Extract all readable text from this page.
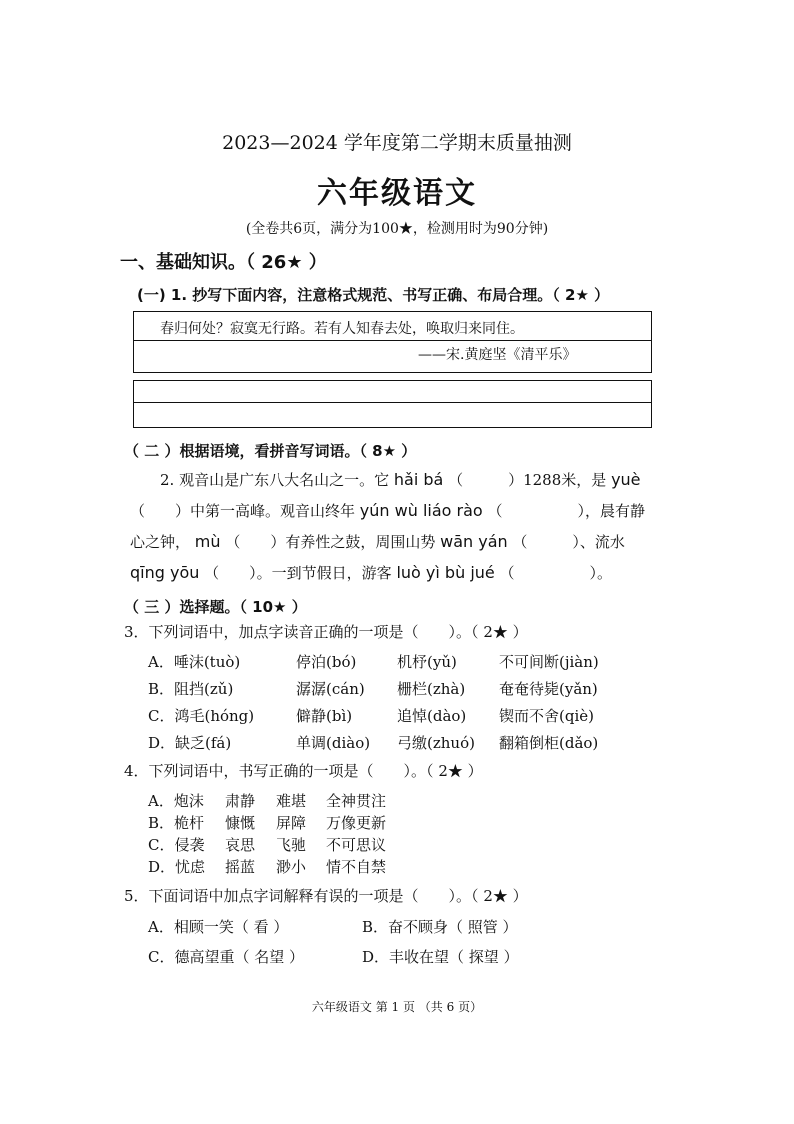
2023—2024 学年度第二学期末质量抽测
六年级语文
(全卷共6页，满分为100★，检测用时为90分钟)
一、基础知识。（ 26★ ）
(一) 1. 抄写下面内容，注意格式规范、书写正确、布局合理。（ 2★ ）
春归何处？寂寞无行路。若有人知春去处，唤取归来同住。
——宋.黄庭坚《清平乐》
（ 二 ）根据语境，看拼音写词语。（ 8★ ）
2. 观音山是广东八大名山之一。它 hǎi bá （　　　）1288米，是 yuè
（　　）中第一高峰。观音山终年 yún wù liáo rào （　　　　　），晨有静
心之钟， mù （　　）有养性之鼓，周围山势 wān yán （　　　）、流水
qīng yōu （　　）。一到节假日，游客 luò yì bù jué （　　　　　）。
（ 三 ）选择题。（ 10★ ）
3．下列词语中，加点字读音正确的一项是（　　）。（ 2★ ）
A．唾沫(tuò)	停泊(bó)	机杼(yǔ)	不可间断(jiàn)
B．阻挡(zǔ)	潺潺(cán) 栅栏(zhà) 奄奄待毙(yǎn)
C．鸿毛(hóng)	僻静(bì)	追悼(dào) 锲而不舍(qiè)
D．缺乏(fá)	单调(diào) 弓缴(zhuó) 翻箱倒柜(dǎo)
4．下列词语中，书写正确的一项是（　　）。（ 2★ ）
A．炮沫 肃静 难堪 全神贯注
B．桅杆 慷慨 屏障 万像更新
C．侵袭 哀思 飞驰 不可思议
D．忧虑 摇蓝 渺小 情不自禁
5．下面词语中加点字词解释有误的一项是（　　）。（ 2★ ）
A．相顾一笑（ 看 ）	B．奋不顾身（ 照管 ）
C．德高望重（ 名望 ）	D．丰收在望（ 探望 ）
六年级语文 第 1 页 （共 6 页）
